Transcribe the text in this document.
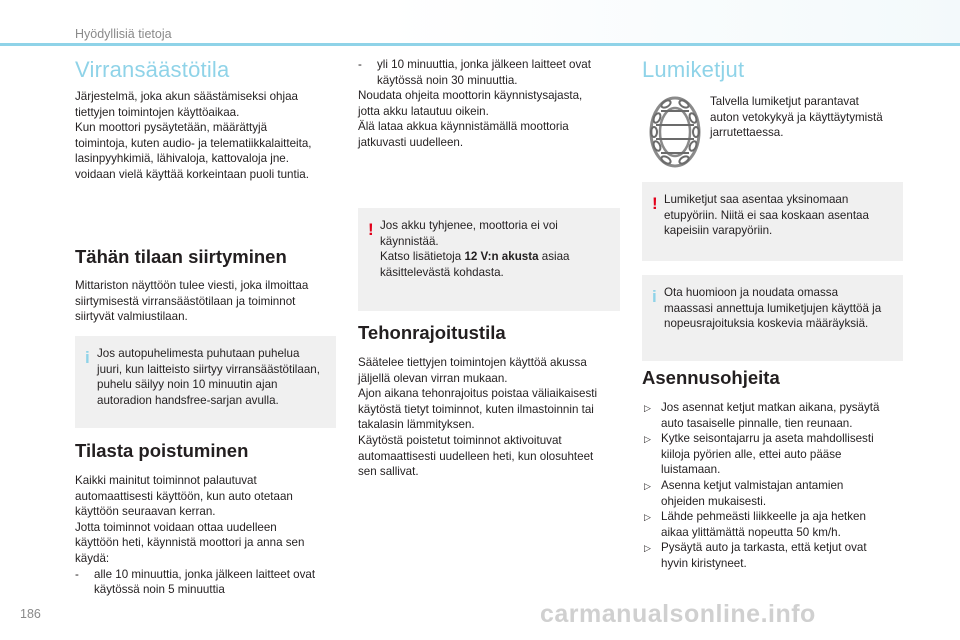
Hyödyllisiä tietoja
Virransäästötila
Järjestelmä, joka akun säästämiseksi ohjaa
tiettyjen toimintojen käyttöaikaa.
Kun moottori pysäytetään, määrättyjä
toimintoja, kuten audio- ja telematiikkalaitteita,
lasinpyyhkimiä, lähivaloja, kattovaloja jne.
voidaan vielä käyttää korkeintaan puoli tuntia.
Tähän tilaan siirtyminen
Mittariston näyttöön tulee viesti, joka ilmoittaa
siirtymisestä virransäästötilaan ja toiminnot
siirtyvät valmiustilaan.
i Jos autopuhelimesta puhutaan puhelua
juuri, kun laitteisto siirtyy virransäästötilaan,
puhelu säilyy noin 10 minuutin ajan
autoradion handsfree-sarjan avulla.
Tilasta poistuminen
Kaikki mainitut toiminnot palautuvat
automaattisesti käyttöön, kun auto otetaan
käyttöön seuraavan kerran.
Jotta toiminnot voidaan ottaa uudelleen
käyttöön heti, käynnistä moottori ja anna sen
käydä:
- alle 10 minuuttia, jonka jälkeen laitteet ovat
käytössä noin 5 minuuttia
- yli 10 minuuttia, jonka jälkeen laitteet ovat
käytössä noin 30 minuuttia.
Noudata ohjeita moottorin käynnistysajasta,
jotta akku latautuu oikein.
Älä lataa akkua käynnistämällä moottoria
jatkuvasti uudelleen.
! Jos akku tyhjenee, moottoria ei voi
käynnistää.
Katso lisätietoja 12 V:n akusta asiaa
käsittelevästä kohdasta.
Tehonrajoitustila
Säätelee tiettyjen toimintojen käyttöä akussa
jäljellä olevan virran mukaan.
Ajon aikana tehonrajoitus poistaa väliaikaisesti
käytöstä tietyt toiminnot, kuten ilmastoinnin tai
takalasin lämmityksen.
Käytöstä poistetut toiminnot aktivoituvat
automaattisesti uudelleen heti, kun olosuhteet
sen sallivat.
Lumiketjut
Talvella lumiketjut parantavat
auton vetokykyä ja käyttäytymistä
jarrutettaessa.
! Lumiketjut saa asentaa yksinomaan
etupyöriin. Niitä ei saa koskaan asentaa
kapeisiin varapyöriin.
i Ota huomioon ja noudata omassa
maassasi annettuja lumiketjujen käyttöä ja
nopeusrajoituksia koskevia määräyksiä.
Asennusohjeita
▷ Jos asennat ketjut matkan aikana, pysäytä
auto tasaiselle pinnalle, tien reunaan.
▷ Kytke seisontajarru ja aseta mahdollisesti
kiiloja pyörien alle, ettei auto pääse
luistamaan.
▷ Asenna ketjut valmistajan antamien
ohjeiden mukaisesti.
▷ Lähde pehmeästi liikkeelle ja aja hetken
aikaa ylittämättä nopeutta 50 km/h.
▷ Pysäytä auto ja tarkasta, että ketjut ovat
hyvin kiristyneet.
186	carmanualsonline.info
